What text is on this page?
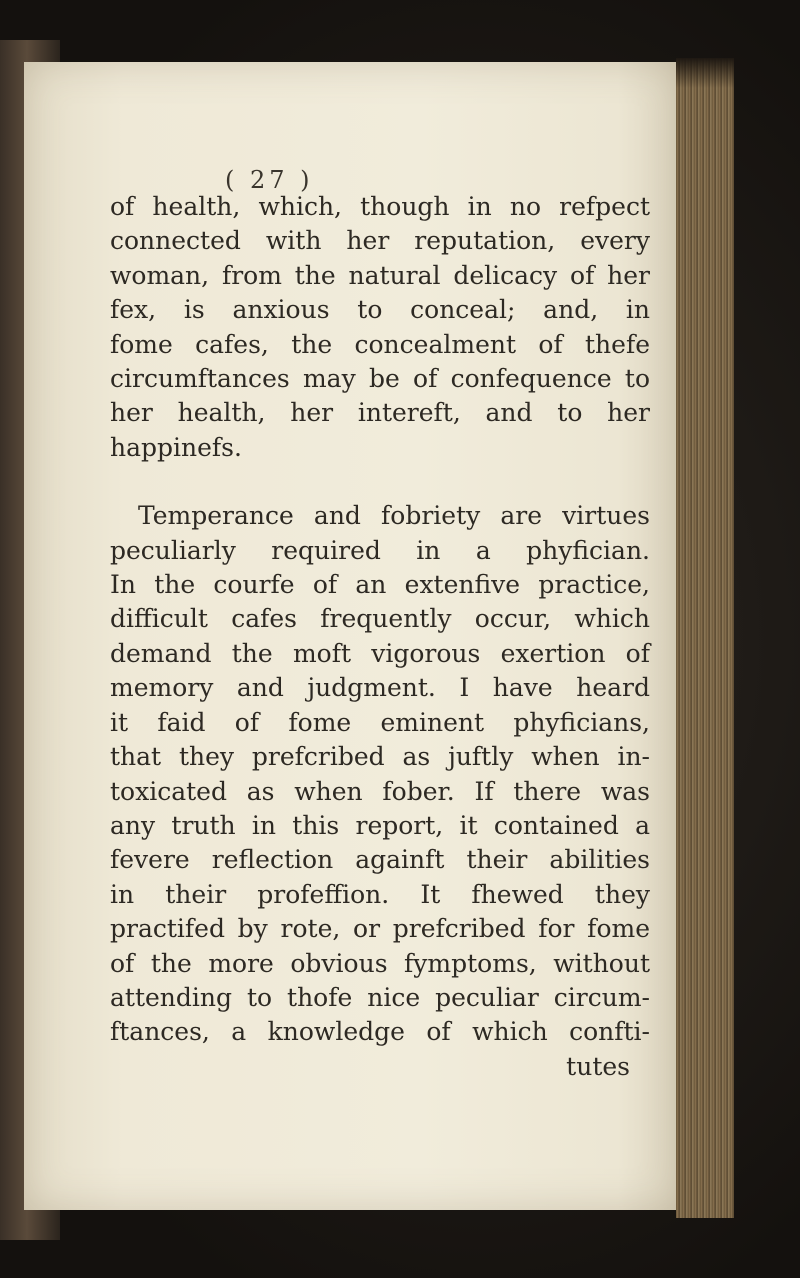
( 27 )
of health, which, though in no refpect
connected with her reputation, every
woman, from the natural delicacy of her
fex, is anxious to conceal; and, in
fome cafes, the concealment of thefe
circumftances may be of confequence to
her health, her intereft, and to her
happinefs.
Temperance and fobriety are virtues
peculiarly required in a phyfician.
In the courfe of an extenfive practice,
difficult cafes frequently occur, which
demand the moft vigorous exertion of
memory and judgment. I have heard
it faid of fome eminent phyficians,
that they prefcribed as juftly when in-
toxicated as when fober. If there was
any truth in this report, it contained a
fevere reflection againft their abilities
in their profeffion. It fhewed they
practifed by rote, or prefcribed for fome
of the more obvious fymptoms, without
attending to thofe nice peculiar circum-
ftances, a knowledge of which confti-
tutes
